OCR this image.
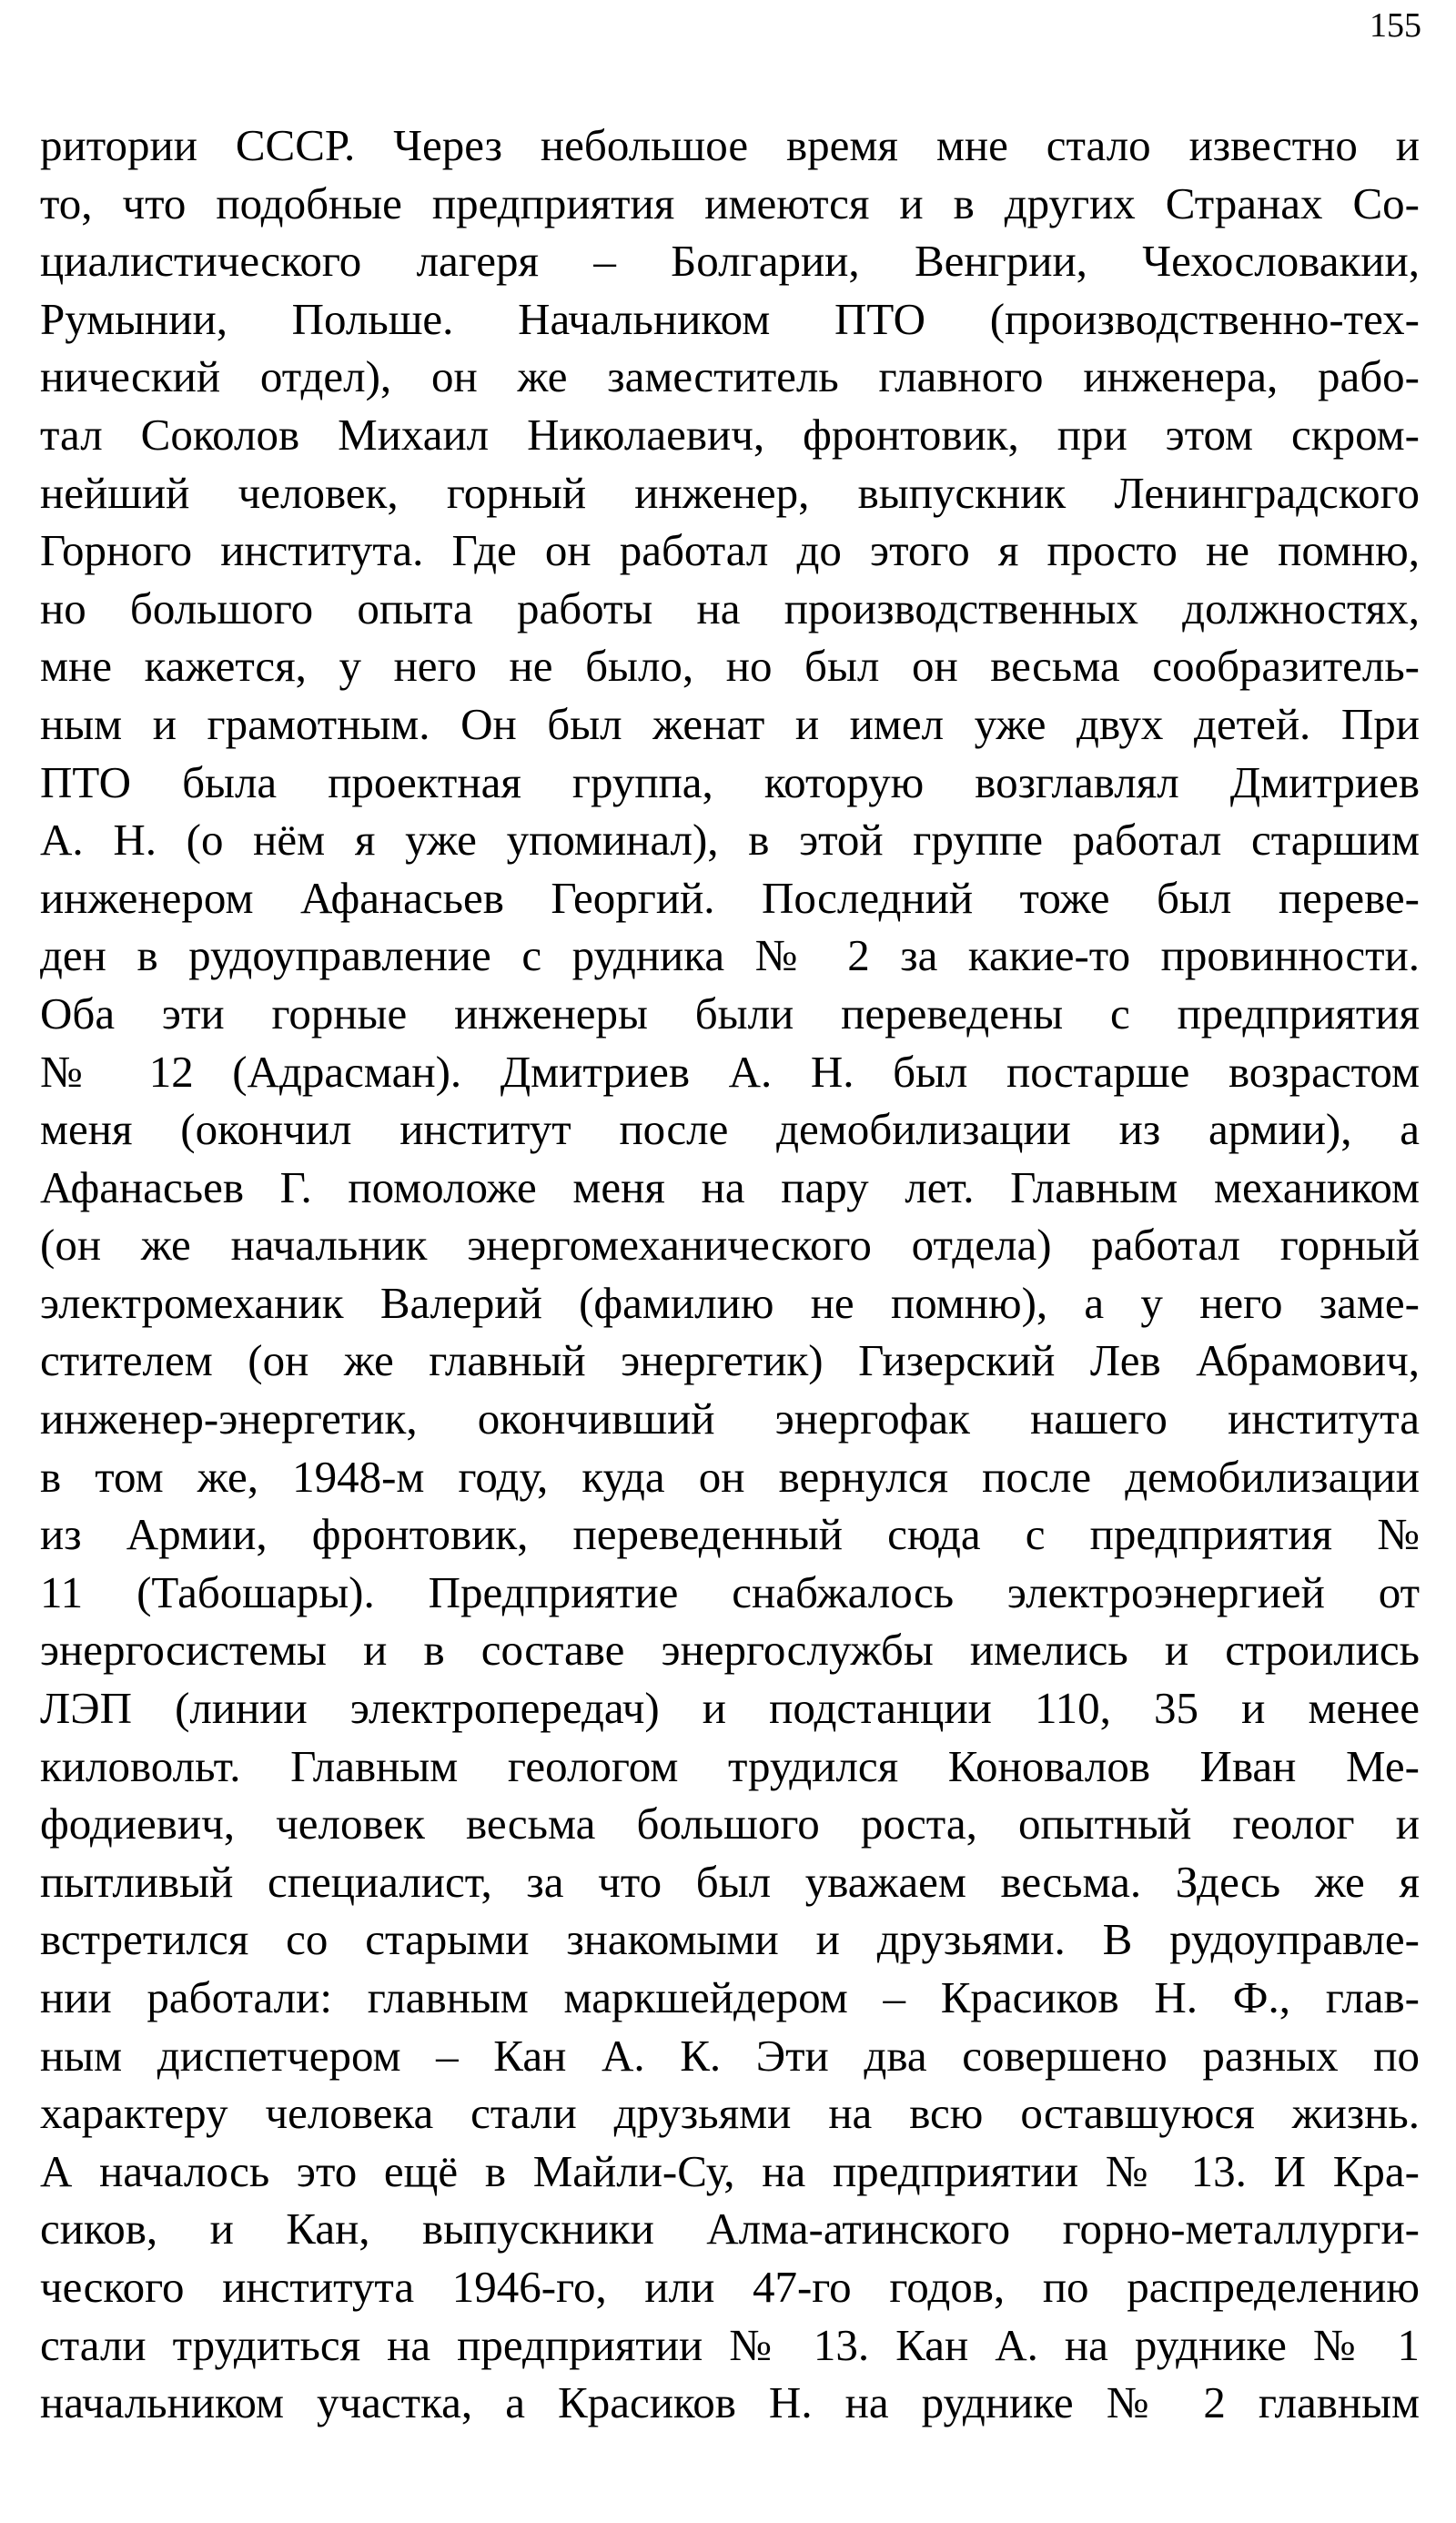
155
ритории СССР. Через небольшое время мне стало известно и
то, что подобные предприятия имеются и в других Странах Со-
циалистического лагеря – Болгарии, Венгрии, Чехословакии,
Румынии, Польше. Начальником ПТО (производственно-тех-
нический отдел), он же заместитель главного инженера, рабо-
тал Соколов Михаил Николаевич, фронтовик, при этом скром-
нейший человек, горный инженер, выпускник Ленинградского
Горного института. Где он работал до этого я просто не помню,
но большого опыта работы на производственных должностях,
мне кажется, у него не было, но был он весьма сообразитель-
ным и грамотным. Он был женат и имел уже двух детей. При
ПТО была проектная группа, которую возглавлял Дмитриев
А. Н. (о нём я уже упоминал), в этой группе работал старшим
инженером Афанасьев Георгий. Последний тоже был переве-
ден в рудоуправление с рудника № 2 за какие-то провинности.
Оба эти горные инженеры были переведены с предприятия
№ 12 (Адрасман). Дмитриев А. Н. был постарше возрастом
меня (окончил институт после демобилизации из армии), а
Афанасьев Г. помоложе меня на пару лет. Главным механиком
(он же начальник энергомеханического отдела) работал горный
электромеханик Валерий (фамилию не помню), а у него заме-
стителем (он же главный энергетик) Гизерский Лев Абрамович,
инженер-энергетик, окончивший энергофак нашего института
в том же, 1948-м году, куда он вернулся после демобилизации
из Армии, фронтовик, переведенный сюда с предприятия №
11 (Табошары). Предприятие снабжалось электроэнергией от
энергосистемы и в составе энергослужбы имелись и строились
ЛЭП (линии электропередач) и подстанции 110, 35 и менее
киловольт. Главным геологом трудился Коновалов Иван Ме-
фодиевич, человек весьма большого роста, опытный геолог и
пытливый специалист, за что был уважаем весьма. Здесь же я
встретился со старыми знакомыми и друзьями. В рудоуправле-
нии работали: главным маркшейдером – Красиков Н. Ф., глав-
ным диспетчером – Кан А. К. Эти два совершено разных по
характеру человека стали друзьями на всю оставшуюся жизнь.
А началось это ещё в Майли-Су, на предприятии № 13. И Кра-
сиков, и Кан, выпускники Алма-атинского горно-металлурги-
ческого института 1946-го, или 47-го годов, по распределению
стали трудиться на предприятии № 13. Кан А. на руднике № 1
начальником участка, а Красиков Н. на руднике № 2 главным
